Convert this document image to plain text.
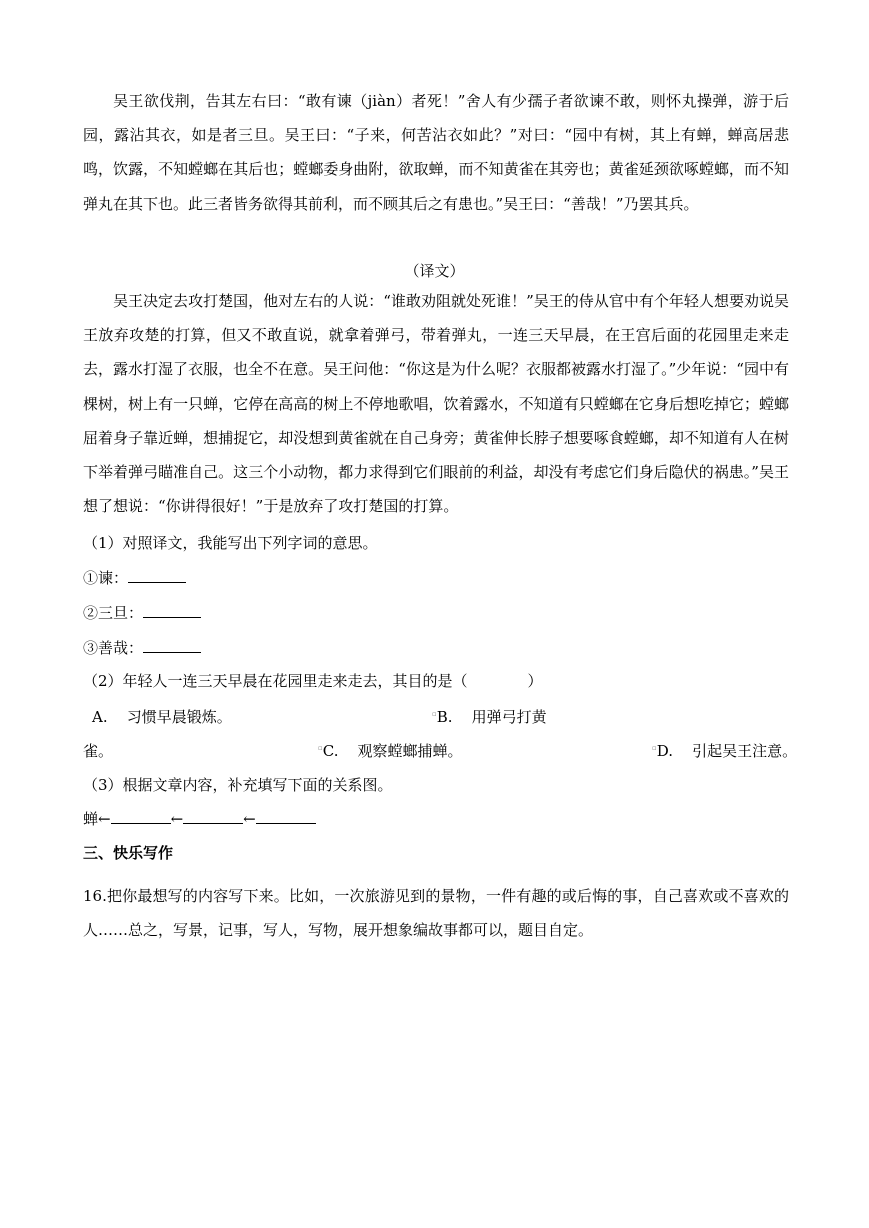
吴王欲伐荆，告其左右曰：“敢有谏（jiàn）者死！”舍人有少孺子者欲谏不敢，则怀丸操弹，游于后园，露沾其衣，如是者三旦。吴王曰：“子来，何苦沾衣如此？”对曰：“园中有树，其上有蝉，蝉高居悲鸣，饮露，不知螳螂在其后也；螳螂委身曲附，欲取蝉，而不知黄雀在其旁也；黄雀延颈欲啄螳螂，而不知弹丸在其下也。此三者皆务欲得其前利，而不顾其后之有患也。”吴王曰：“善哉！”乃罢其兵。

（译文）

吴王决定去攻打楚国，他对左右的人说：“谁敢劝阻就处死谁！”吴王的侍从官中有个年轻人想要劝说吴王放弃攻楚的打算，但又不敢直说，就拿着弹弓，带着弹丸，一连三天早晨，在王宫后面的花园里走来走去，露水打湿了衣服，也全不在意。吴王问他：“你这是为什么呢？衣服都被露水打湿了。”少年说：“园中有棵树，树上有一只蝉，它停在高高的树上不停地歌唱，饮着露水，不知道有只螳螂在它身后想吃掉它；螳螂屈着身子靠近蝉，想捕捉它，却没想到黄雀就在自己身旁；黄雀伸长脖子想要啄食螳螂，却不知道有人在树下举着弹弓瞄准自己。这三个小动物，都力求得到它们眼前的利益，却没有考虑它们身后隐伏的祸患。”吴王想了想说：“你讲得很好！”于是放弃了攻打楚国的打算。

（1）对照译文，我能写出下列字词的意思。
①谏：
②三旦：
③善哉：
（2）年轻人一连三天早晨在花园里走来走去，其目的是（　　　　）
A. 习惯早晨锻炼。	▫B. 用弹弓打黄
雀。	▫C. 观察螳螂捕蝉。	▫D. 引起吴王注意。
（3）根据文章内容，补充填写下面的关系图。
蝉←	←	←
三、快乐写作

16.把你最想写的内容写下来。比如，一次旅游见到的景物，一件有趣的或后悔的事，自己喜欢或不喜欢的人……总之，写景，记事，写人，写物，展开想象编故事都可以，题目自定。
